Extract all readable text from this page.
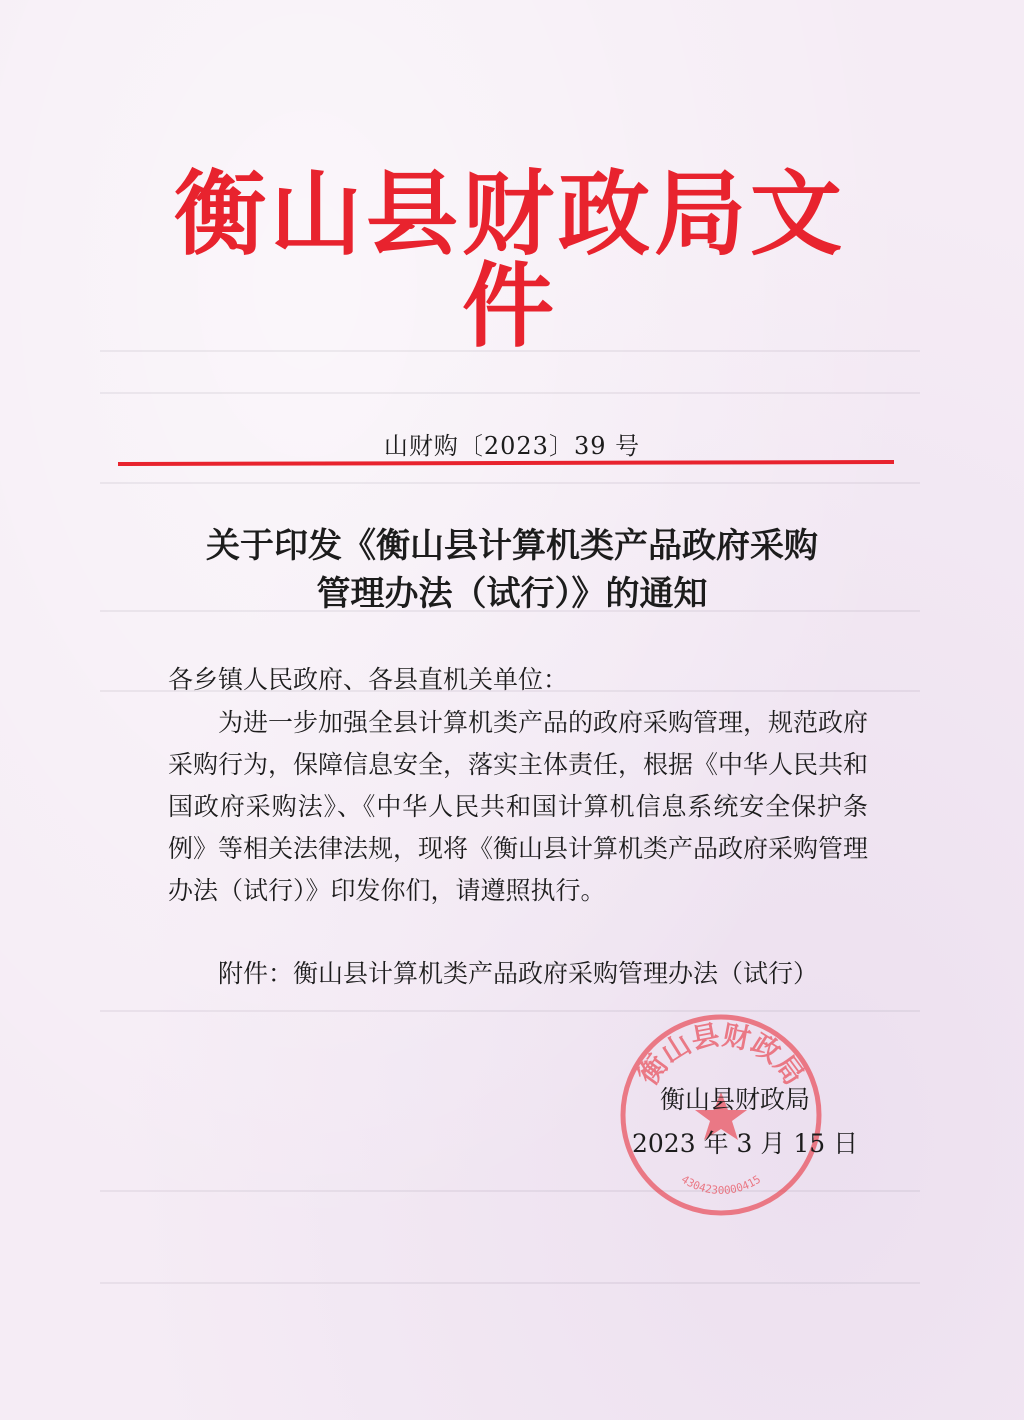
衡山县财政局文件
山财购〔2023〕39 号
关于印发《衡山县计算机类产品政府采购
管理办法（试行）》的通知
各乡镇人民政府、各县直机关单位：
为进一步加强全县计算机类产品的政府采购管理，规范政府采购行为，保障信息安全，落实主体责任，根据《中华人民共和国政府采购法》、《中华人民共和国计算机信息系统安全保护条例》等相关法律法规，现将《衡山县计算机类产品政府采购管理办法（试行）》印发你们，请遵照执行。
附件：衡山县计算机类产品政府采购管理办法（试行）
衡山县财政局
4304230000415
衡山县财政局
2023 年 3 月 15 日
